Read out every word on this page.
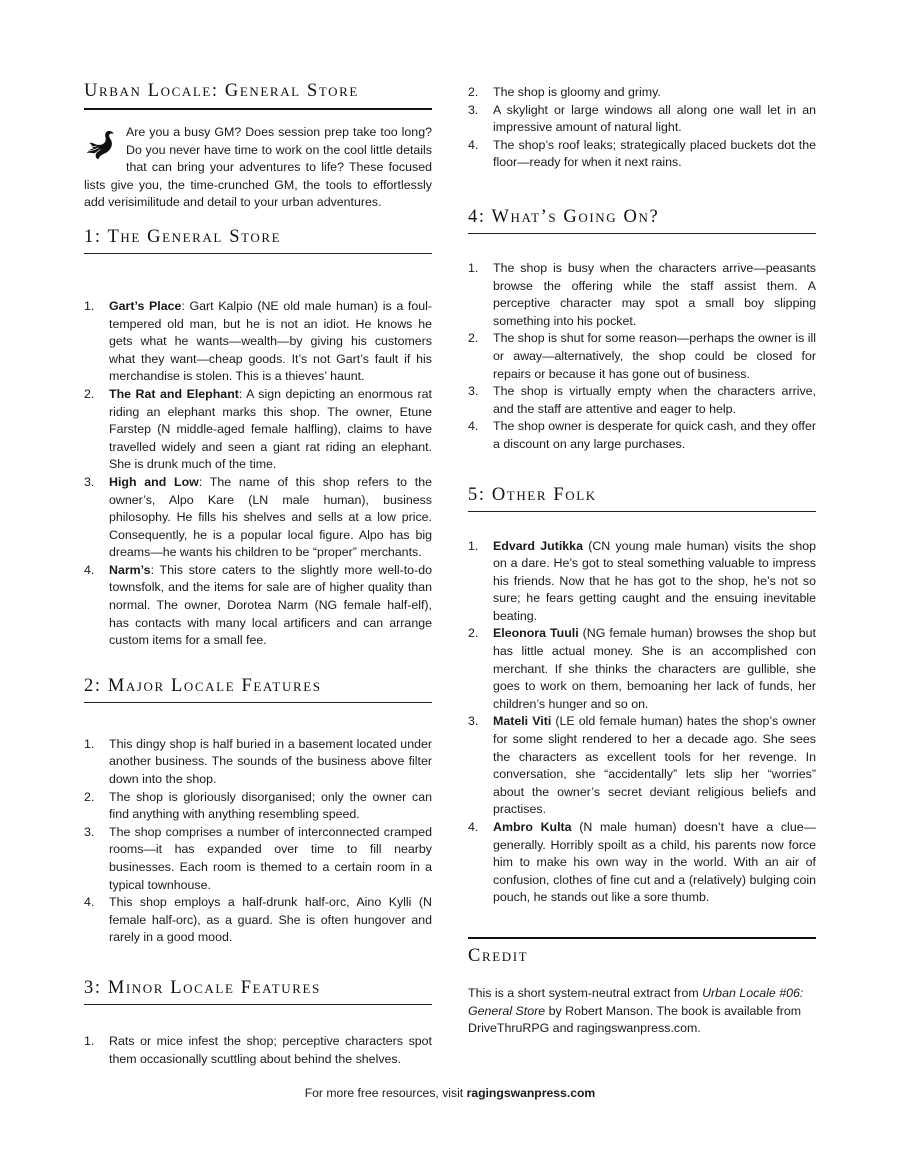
Urban Locale: General Store
Are you a busy GM? Does session prep take too long? Do you never have time to work on the cool little details that can bring your adventures to life? These focused lists give you, the time-crunched GM, the tools to effortlessly add verisimilitude and detail to your urban adventures.
1: The General Store
1. Gart’s Place: Gart Kalpio (NE old male human) is a foul-tempered old man, but he is not an idiot. He knows he gets what he wants—wealth—by giving his customers what they want—cheap goods. It’s not Gart’s fault if his merchandise is stolen. This is a thieves’ haunt.
2. The Rat and Elephant: A sign depicting an enormous rat riding an elephant marks this shop. The owner, Etune Farstep (N middle-aged female halfling), claims to have travelled widely and seen a giant rat riding an elephant. She is drunk much of the time.
3. High and Low: The name of this shop refers to the owner’s, Alpo Kare (LN male human), business philosophy. He fills his shelves and sells at a low price. Consequently, he is a popular local figure. Alpo has big dreams—he wants his children to be “proper” merchants.
4. Narm’s: This store caters to the slightly more well-to-do townsfolk, and the items for sale are of higher quality than normal. The owner, Dorotea Narm (NG female half-elf), has contacts with many local artificers and can arrange custom items for a small fee.
2: Major Locale Features
1. This dingy shop is half buried in a basement located under another business. The sounds of the business above filter down into the shop.
2. The shop is gloriously disorganised; only the owner can find anything with anything resembling speed.
3. The shop comprises a number of interconnected cramped rooms—it has expanded over time to fill nearby businesses. Each room is themed to a certain room in a typical townhouse.
4. This shop employs a half-drunk half-orc, Aino Kylli (N female half-orc), as a guard. She is often hungover and rarely in a good mood.
3: Minor Locale Features
1. Rats or mice infest the shop; perceptive characters spot them occasionally scuttling about behind the shelves.
2. The shop is gloomy and grimy.
3. A skylight or large windows all along one wall let in an impressive amount of natural light.
4. The shop’s roof leaks; strategically placed buckets dot the floor—ready for when it next rains.
4: What’s Going On?
1. The shop is busy when the characters arrive—peasants browse the offering while the staff assist them. A perceptive character may spot a small boy slipping something into his pocket.
2. The shop is shut for some reason—perhaps the owner is ill or away—alternatively, the shop could be closed for repairs or because it has gone out of business.
3. The shop is virtually empty when the characters arrive, and the staff are attentive and eager to help.
4. The shop owner is desperate for quick cash, and they offer a discount on any large purchases.
5: Other Folk
1. Edvard Jutikka (CN young male human) visits the shop on a dare. He’s got to steal something valuable to impress his friends. Now that he has got to the shop, he’s not so sure; he fears getting caught and the ensuing inevitable beating.
2. Eleonora Tuuli (NG female human) browses the shop but has little actual money. She is an accomplished con merchant. If she thinks the characters are gullible, she goes to work on them, bemoaning her lack of funds, her children’s hunger and so on.
3. Mateli Viti (LE old female human) hates the shop’s owner for some slight rendered to her a decade ago. She sees the characters as excellent tools for her revenge. In conversation, she “accidentally” lets slip her “worries” about the owner’s secret deviant religious beliefs and practises.
4. Ambro Kulta (N male human) doesn’t have a clue—generally. Horribly spoilt as a child, his parents now force him to make his own way in the world. With an air of confusion, clothes of fine cut and a (relatively) bulging coin pouch, he stands out like a sore thumb.
Credit

This is a short system-neutral extract from Urban Locale #06: General Store by Robert Manson. The book is available from DriveThruRPG and ragingswanpress.com.

For more free resources, visit ragingswanpress.com
